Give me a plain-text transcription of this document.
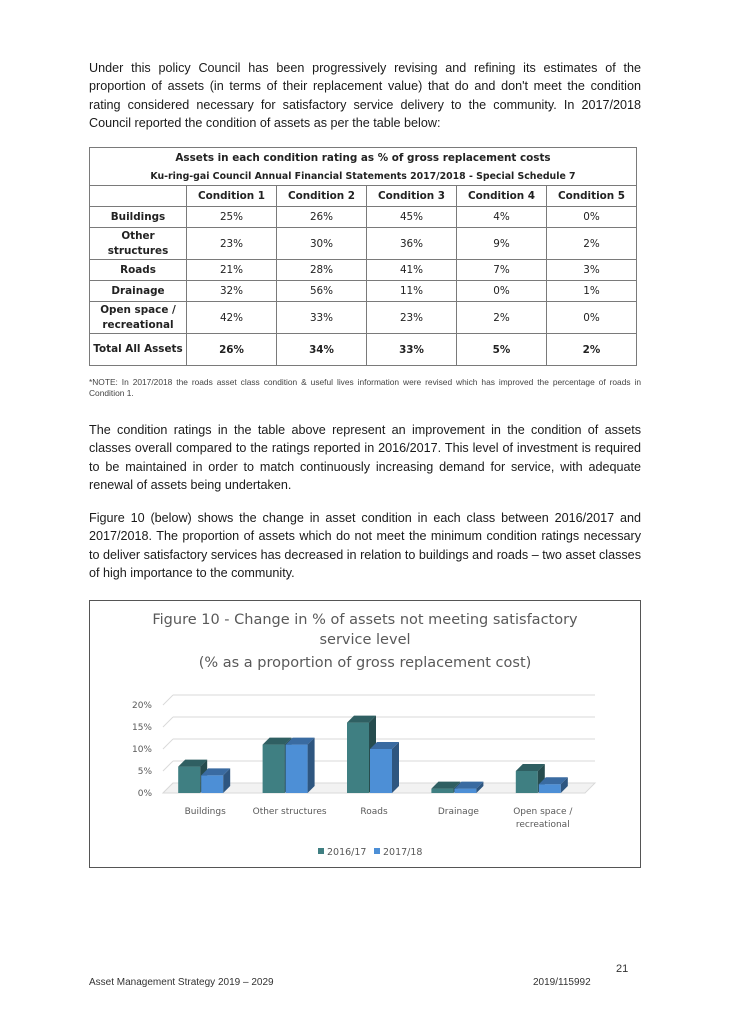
Under this policy Council has been progressively revising and refining its estimates of the proportion of assets (in terms of their replacement value) that do and don't meet the condition rating considered necessary for satisfactory service delivery to the community. In 2017/2018 Council reported the condition of assets as per the table below:

Assets in each condition rating as % of gross replacement costs					
Ku-ring-gai Council Annual Financial Statements 2017/2018 - Special Schedule 7					
	Condition 1	Condition 2	Condition 3	Condition 4	Condition 5
Buildings	25%	26%	45%	4%	0%
Other structures	23%	30%	36%	9%	2%
Roads	21%	28%	41%	7%	3%
Drainage	32%	56%	11%	0%	1%
Open space / recreational	42%	33%	23%	2%	0%
Total All Assets	26%	34%	33%	5%	2%

*NOTE: In 2017/2018 the roads asset class condition & useful lives information were revised which has improved the percentage of roads in Condition 1.

The condition ratings in the table above represent an improvement in the condition of assets classes overall compared to the ratings reported in 2016/2017. This level of investment is required to be maintained in order to match continuously increasing demand for service, with adequate renewal of assets being undertaken.

Figure 10 (below) shows the change in asset condition in each class between 2016/2017 and 2017/2018. The proportion of assets which do not meet the minimum condition ratings necessary to deliver satisfactory services has decreased in relation to buildings and roads – two asset classes of high importance to the community.

Figure 10 - Change in % of assets not meeting satisfactory
service level
(% as a proportion of gross replacement cost)
0%
5%
10%
15%
20%
Buildings	Other structures	Roads	Drainage	Open space /
recreational
2016/17 2017/18
21
Asset Management Strategy 2019 – 2029	2019/115992
